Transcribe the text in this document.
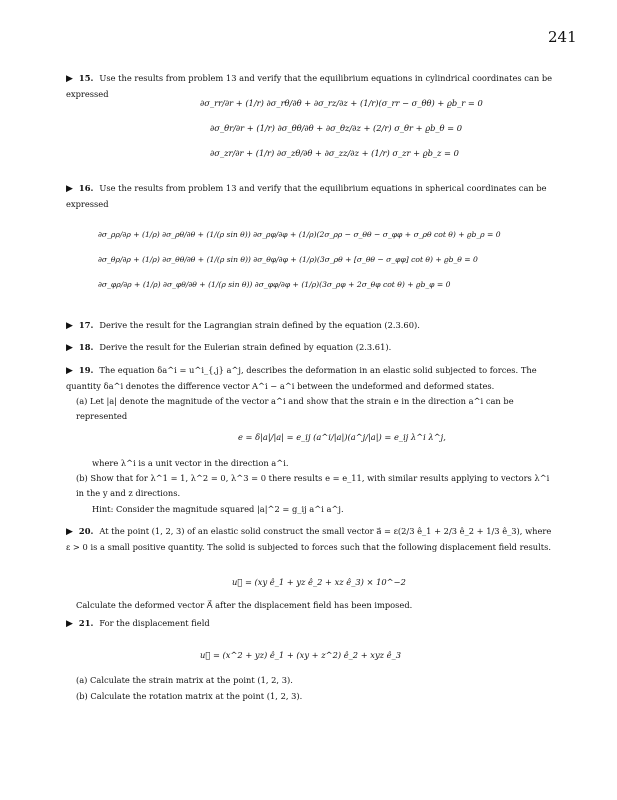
241
▶ 15. Use the results from problem 13 and verify that the equilibrium equations in cylindrical coordinates can be expressed
∂σ_rr/∂r + (1/r) ∂σ_rθ/∂θ + ∂σ_rz/∂z + (1/r)(σ_rr − σ_θθ) + ϱb_r = 0
∂σ_θr/∂r + (1/r) ∂σ_θθ/∂θ + ∂σ_θz/∂z + (2/r) σ_θr + ϱb_θ = 0
∂σ_zr/∂r + (1/r) ∂σ_zθ/∂θ + ∂σ_zz/∂z + (1/r) σ_zr + ϱb_z = 0
▶ 16. Use the results from problem 13 and verify that the equilibrium equations in spherical coordinates can be expressed
∂σ_ρρ/∂ρ + (1/ρ) ∂σ_ρθ/∂θ + (1/(ρ sin θ)) ∂σ_ρφ/∂φ + (1/ρ)(2σ_ρρ − σ_θθ − σ_φφ + σ_ρθ cot θ) + ϱb_ρ = 0
∂σ_θρ/∂ρ + (1/ρ) ∂σ_θθ/∂θ + (1/(ρ sin θ)) ∂σ_θφ/∂φ + (1/ρ)(3σ_ρθ + [σ_θθ − σ_φφ] cot θ) + ϱb_θ = 0
∂σ_φρ/∂ρ + (1/ρ) ∂σ_φθ/∂θ + (1/(ρ sin θ)) ∂σ_φφ/∂φ + (1/ρ)(3σ_ρφ + 2σ_θφ cot θ) + ϱb_φ = 0
▶ 17. Derive the result for the Lagrangian strain defined by the equation (2.3.60).
▶ 18. Derive the result for the Eulerian strain defined by equation (2.3.61).
▶ 19. The equation δa^i = u^i_{,j} a^j, describes the deformation in an elastic solid subjected to forces. The quantity δa^i denotes the difference vector A^i − a^i between the undeformed and deformed states.
(a) Let |a| denote the magnitude of the vector a^i and show that the strain e in the direction a^i can be represented
e = δ|a|/|a| = e_ij (a^i/|a|)(a^j/|a|) = e_ij λ^i λ^j,
where λ^i is a unit vector in the direction a^i.
(b) Show that for λ^1 = 1, λ^2 = 0, λ^3 = 0 there results e = e_11, with similar results applying to vectors λ^i in the y and z directions.
Hint: Consider the magnitude squared |a|^2 = g_ij a^i a^j.
▶ 20. At the point (1, 2, 3) of an elastic solid construct the small vector a⃗ = ε(2/3 ê_1 + 2/3 ê_2 + 1/3 ê_3), where ε > 0 is a small positive quantity. The solid is subjected to forces such that the following displacement field results.
u⃗ = (xy ê_1 + yz ê_2 + xz ê_3) × 10^−2
Calculate the deformed vector A⃗ after the displacement field has been imposed.
▶ 21. For the displacement field
u⃗ = (x^2 + yz) ê_1 + (xy + z^2) ê_2 + xyz ê_3
(a) Calculate the strain matrix at the point (1, 2, 3).
(b) Calculate the rotation matrix at the point (1, 2, 3).
